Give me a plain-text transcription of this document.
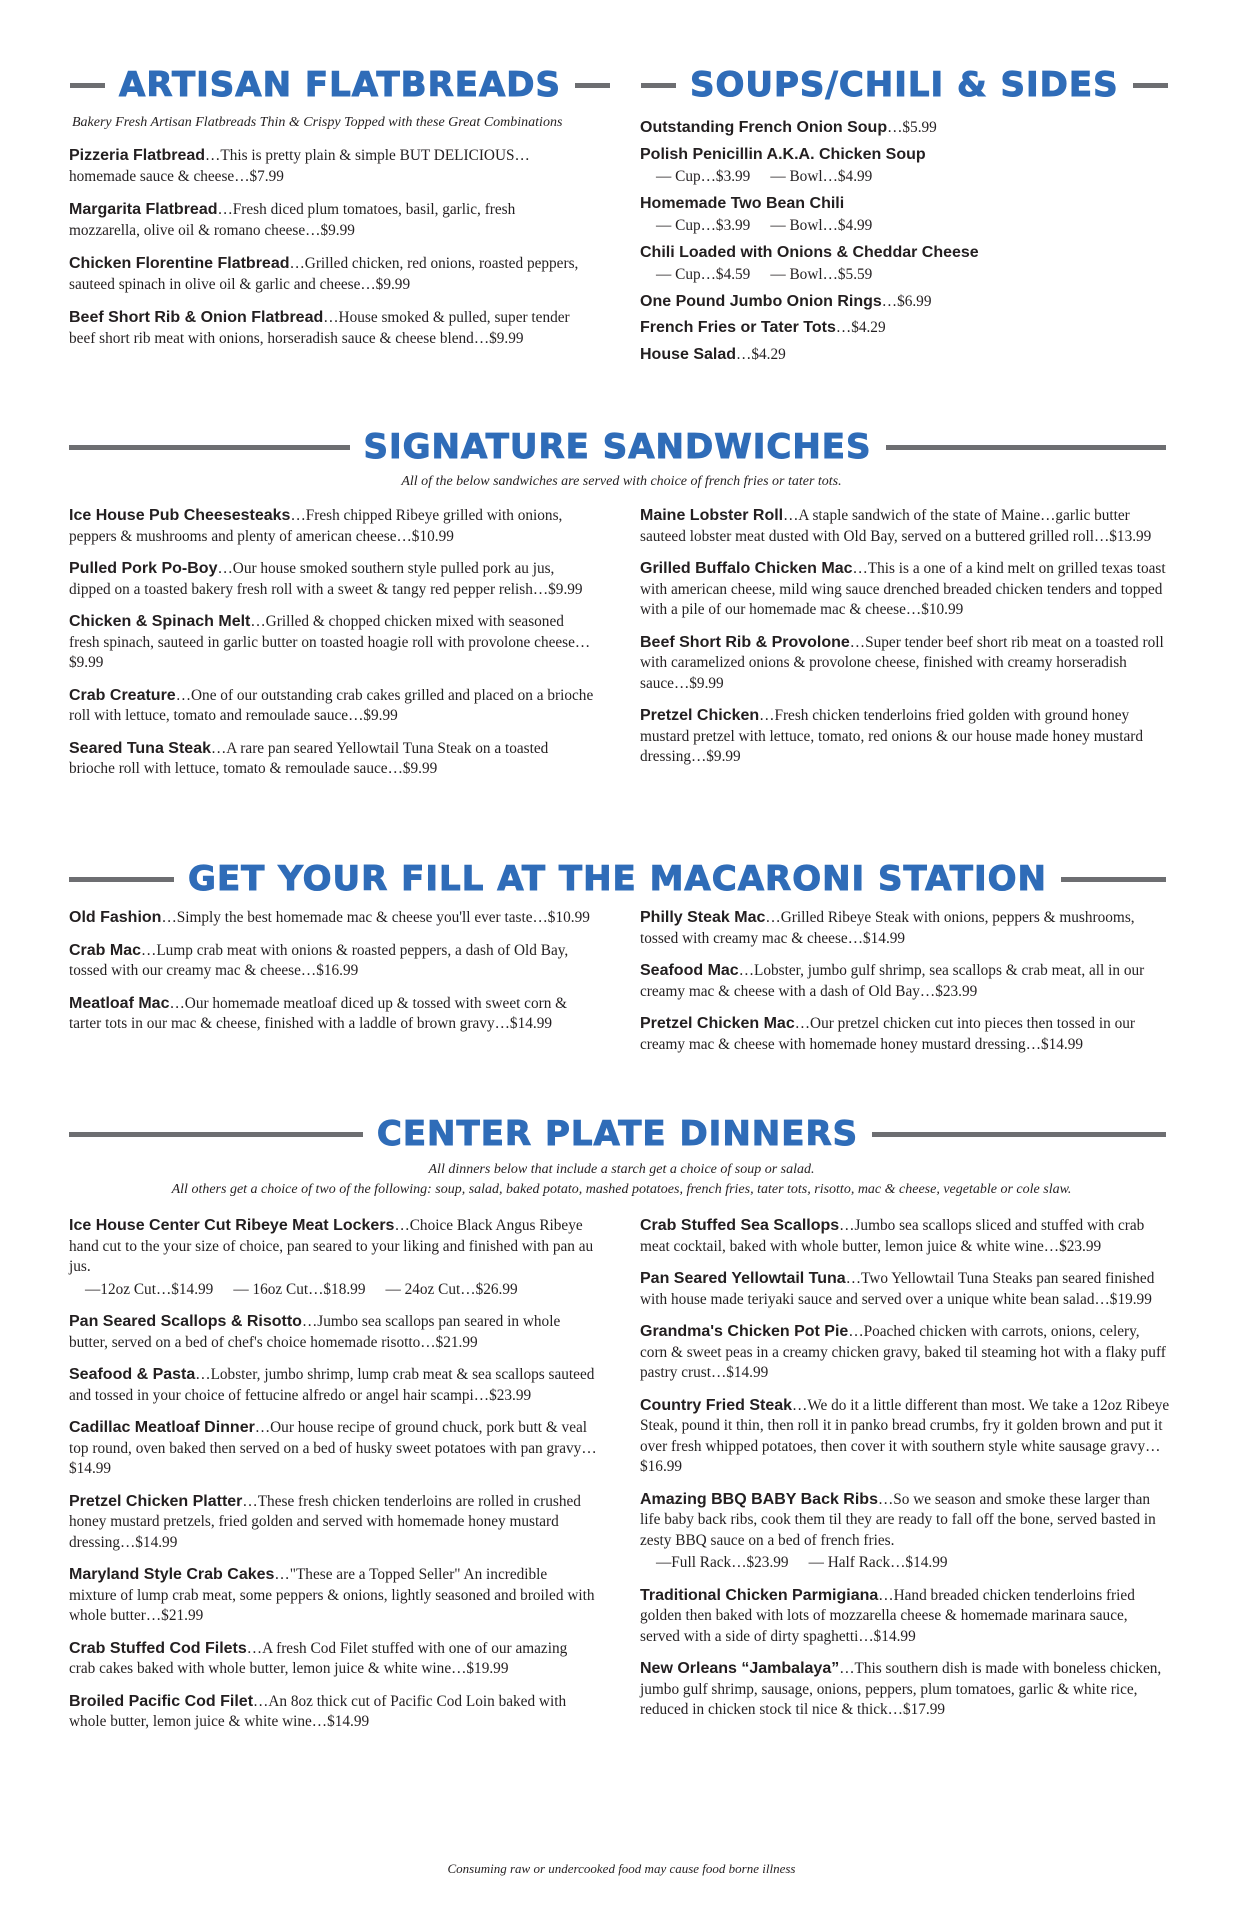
ARTISAN FLATBREADS
Bakery Fresh Artisan Flatbreads Thin & Crispy Topped with these Great Combinations
Pizzeria Flatbread…This is pretty plain & simple BUT DELICIOUS… homemade sauce & cheese…$7.99
Margarita Flatbread…Fresh diced plum tomatoes, basil, garlic, fresh mozzarella, olive oil & romano cheese…$9.99
Chicken Florentine Flatbread…Grilled chicken, red onions, roasted peppers, sauteed spinach in olive oil & garlic and cheese…$9.99
Beef Short Rib & Onion Flatbread…House smoked & pulled, super tender beef short rib meat with onions, horseradish sauce & cheese blend…$9.99
SOUPS/CHILI & SIDES
Outstanding French Onion Soup…$5.99
Polish Penicillin A.K.A. Chicken Soup
— Cup…$3.99 — Bowl…$4.99
Homemade Two Bean Chili
— Cup…$3.99 — Bowl…$4.99
Chili Loaded with Onions & Cheddar Cheese
— Cup…$4.59 — Bowl…$5.59
One Pound Jumbo Onion Rings…$6.99
French Fries or Tater Tots…$4.29
House Salad…$4.29
SIGNATURE SANDWICHES
All of the below sandwiches are served with choice of french fries or tater tots.
Ice House Pub Cheesesteaks…Fresh chipped Ribeye grilled with onions, peppers & mushrooms and plenty of american cheese…$10.99
Pulled Pork Po-Boy…Our house smoked southern style pulled pork au jus, dipped on a toasted bakery fresh roll with a sweet & tangy red pepper relish…$9.99
Chicken & Spinach Melt…Grilled & chopped chicken mixed with seasoned fresh spinach, sauteed in garlic butter on toasted hoagie roll with provolone cheese…$9.99
Crab Creature…One of our outstanding crab cakes grilled and placed on a brioche roll with lettuce, tomato and remoulade sauce…$9.99
Seared Tuna Steak…A rare pan seared Yellowtail Tuna Steak on a toasted brioche roll with lettuce, tomato & remoulade sauce…$9.99
Maine Lobster Roll…A staple sandwich of the state of Maine…garlic butter sauteed lobster meat dusted with Old Bay, served on a buttered grilled roll…$13.99
Grilled Buffalo Chicken Mac…This is a one of a kind melt on grilled texas toast with american cheese, mild wing sauce drenched breaded chicken tenders and topped with a pile of our homemade mac & cheese…$10.99
Beef Short Rib & Provolone…Super tender beef short rib meat on a toasted roll with caramelized onions & provolone cheese, finished with creamy horseradish sauce…$9.99
Pretzel Chicken…Fresh chicken tenderloins fried golden with ground honey mustard pretzel with lettuce, tomato, red onions & our house made honey mustard dressing…$9.99
GET YOUR FILL AT THE MACARONI STATION
Old Fashion…Simply the best homemade mac & cheese you'll ever taste…$10.99
Crab Mac…Lump crab meat with onions & roasted peppers, a dash of Old Bay, tossed with our creamy mac & cheese…$16.99
Meatloaf Mac…Our homemade meatloaf diced up & tossed with sweet corn & tarter tots in our mac & cheese, finished with a laddle of brown gravy…$14.99
Philly Steak Mac…Grilled Ribeye Steak with onions, peppers & mushrooms, tossed with creamy mac & cheese…$14.99
Seafood Mac…Lobster, jumbo gulf shrimp, sea scallops & crab meat, all in our creamy mac & cheese with a dash of Old Bay…$23.99
Pretzel Chicken Mac…Our pretzel chicken cut into pieces then tossed in our creamy mac & cheese with homemade honey mustard dressing…$14.99
CENTER PLATE DINNERS
All dinners below that include a starch get a choice of soup or salad.
All others get a choice of two of the following: soup, salad, baked potato, mashed potatoes, french fries, tater tots, risotto, mac & cheese, vegetable or cole slaw.
Ice House Center Cut Ribeye Meat Lockers…Choice Black Angus Ribeye hand cut to the your size of choice, pan seared to your liking and finished with pan au jus.
—12oz Cut…$14.99 — 16oz Cut…$18.99 — 24oz Cut…$26.99
Pan Seared Scallops & Risotto…Jumbo sea scallops pan seared in whole butter, served on a bed of chef's choice homemade risotto…$21.99
Seafood & Pasta…Lobster, jumbo shrimp, lump crab meat & sea scallops sauteed and tossed in your choice of fettucine alfredo or angel hair scampi…$23.99
Cadillac Meatloaf Dinner…Our house recipe of ground chuck, pork butt & veal top round, oven baked then served on a bed of husky sweet potatoes with pan gravy…$14.99
Pretzel Chicken Platter…These fresh chicken tenderloins are rolled in crushed honey mustard pretzels, fried golden and served with homemade honey mustard dressing…$14.99
Maryland Style Crab Cakes…"These are a Topped Seller" An incredible mixture of lump crab meat, some peppers & onions, lightly seasoned and broiled with whole butter…$21.99
Crab Stuffed Cod Filets…A fresh Cod Filet stuffed with one of our amazing crab cakes baked with whole butter, lemon juice & white wine…$19.99
Broiled Pacific Cod Filet…An 8oz thick cut of Pacific Cod Loin baked with whole butter, lemon juice & white wine…$14.99
Crab Stuffed Sea Scallops…Jumbo sea scallops sliced and stuffed with crab meat cocktail, baked with whole butter, lemon juice & white wine…$23.99
Pan Seared Yellowtail Tuna…Two Yellowtail Tuna Steaks pan seared finished with house made teriyaki sauce and served over a unique white bean salad…$19.99
Grandma's Chicken Pot Pie…Poached chicken with carrots, onions, celery, corn & sweet peas in a creamy chicken gravy, baked til steaming hot with a flaky puff pastry crust…$14.99
Country Fried Steak…We do it a little different than most. We take a 12oz Ribeye Steak, pound it thin, then roll it in panko bread crumbs, fry it golden brown and put it over fresh whipped potatoes, then cover it with southern style white sausage gravy…$16.99
Amazing BBQ BABY Back Ribs…So we season and smoke these larger than life baby back ribs, cook them til they are ready to fall off the bone, served basted in zesty BBQ sauce on a bed of french fries.
—Full Rack…$23.99 — Half Rack…$14.99
Traditional Chicken Parmigiana…Hand breaded chicken tenderloins fried golden then baked with lots of mozzarella cheese & homemade marinara sauce, served with a side of dirty spaghetti…$14.99
New Orleans “Jambalaya”…This southern dish is made with boneless chicken, jumbo gulf shrimp, sausage, onions, peppers, plum tomatoes, garlic & white rice, reduced in chicken stock til nice & thick…$17.99
Consuming raw or undercooked food may cause food borne illness
